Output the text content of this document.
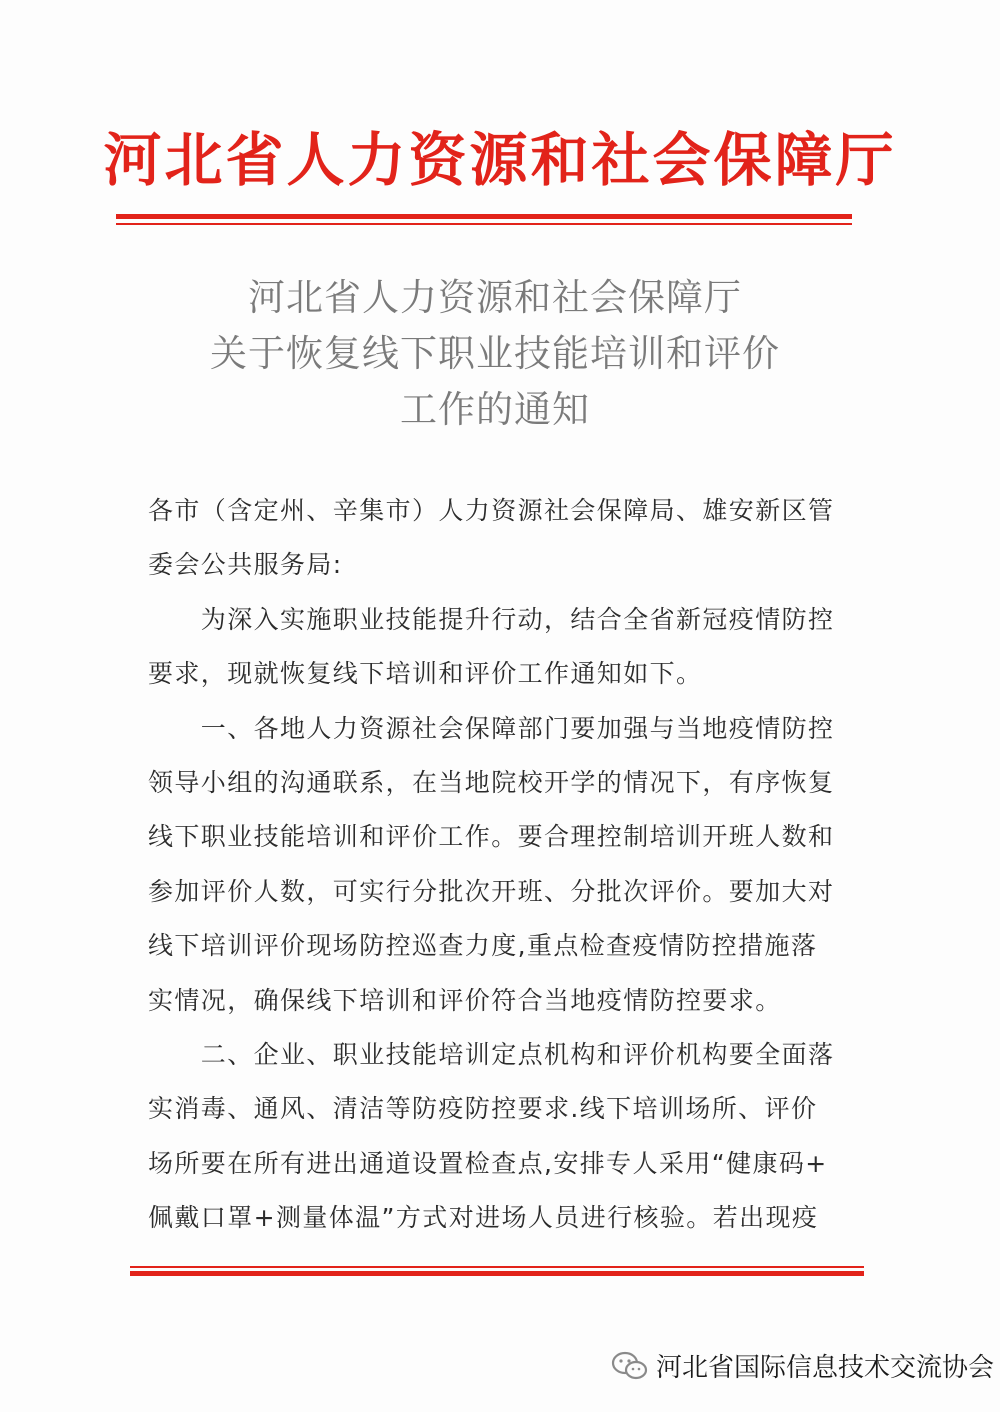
河北省人力资源和社会保障厅
河北省人力资源和社会保障厅
关于恢复线下职业技能培训和评价
工作的通知
各市（含定州、辛集市）人力资源社会保障局、雄安新区管
委会公共服务局:
　　为深入实施职业技能提升行动，结合全省新冠疫情防控
要求，现就恢复线下培训和评价工作通知如下。
　　一、各地人力资源社会保障部门要加强与当地疫情防控
领导小组的沟通联系，在当地院校开学的情况下，有序恢复
线下职业技能培训和评价工作。要合理控制培训开班人数和
参加评价人数，可实行分批次开班、分批次评价。要加大对
线下培训评价现场防控巡查力度,重点检查疫情防控措施落
实情况，确保线下培训和评价符合当地疫情防控要求。
　　二、企业、职业技能培训定点机构和评价机构要全面落
实消毒、通风、清洁等防疫防控要求.线下培训场所、评价
场所要在所有进出通道设置检查点,安排专人采用“健康码+
佩戴口罩+测量体温”方式对进场人员进行核验。若出现疫
河北省国际信息技术交流协会
